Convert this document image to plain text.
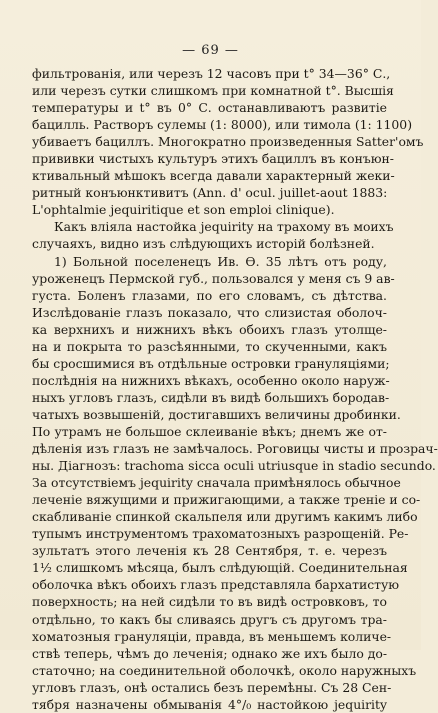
— 69 —
фильтрованія, или черезъ 12 часовъ при t° 34—36° С.,
или черезъ сутки слишкомъ при комнатной t°. Высшія
температуры и t° въ 0° С. останавливаютъ развитіе
бацилль. Растворъ сулемы (1: 8000), или тимола (1: 1100)
убиваетъ бациллъ. Многократно произведенныя Satter'омъ
прививки чистыхъ культуръ этихъ бациллъ въ конъюн-
ктивальный мѣшокъ всегда давали характерный жеки-
ритный конъюнктивитъ (Ann. d' ocul. juillet-aout 1883:
L'ophtalmie jequiritique et son emploi clinique).
Какъ вліяла настойка jequirity на трахому въ моихъ
случаяхъ, видно изъ слѣдующихъ исторій болѣзней.
1) Больной поселенецъ Ив. Ѳ. 35 лѣтъ отъ роду,
уроженецъ Пермской губ., пользовался у меня съ 9 ав-
густа. Боленъ глазами, по его словамъ, съ дѣтства.
Изслѣдованіе глазъ показало, что слизистая оболоч-
ка верхнихъ и нижнихъ вѣкъ обоихъ глазъ утолще-
на и покрыта то разсѣянными, то скученными, какъ
бы сросшимися въ отдѣльные островки грануляціями;
послѣднія на нижнихъ вѣкахъ, особенно около наруж-
ныхъ угловъ глазъ, сидѣли въ видѣ большихъ бородав-
чатыхъ возвышеній, достигавшихъ величины дробинки.
По утрамъ не большое склеиваніе вѣкъ; днемъ же от-
дѣленія изъ глазъ не замѣчалось. Роговицы чисты и прозрач-
ны. Діагнозъ: trachoma sicca oculi utriusque in stadio secundo.
За отсутствіемъ jequirity сначала примѣнялось обычное
леченіе вяжущими и прижигающими, а также треніе и со-
скабливаніе спинкой скальпеля или другимъ какимъ либо
тупымъ инструментомъ трахоматозныхъ разрощеній. Ре-
зультатъ этого леченія къ 28 Сентября, т. е. черезъ
1½ слишкомъ мѣсяца, былъ слѣдующій. Соединительная
оболочка вѣкъ обоихъ глазъ представляла бархатистую
поверхность; на ней сидѣли то въ видѣ островковъ, то
отдѣльно, то какъ бы сливаясь другъ съ другомъ тра-
хоматозныя грануляціи, правда, въ меньшемъ количе-
ствѣ теперь, чѣмъ до леченія; однако же ихъ было до-
статочно; на соединительной оболочкѣ, около наружныхъ
угловъ глазъ, онѣ остались безъ перемѣны. Съ 28 Сен-
тября назначены обмыванія 4°/₀ настойкою jequirity
